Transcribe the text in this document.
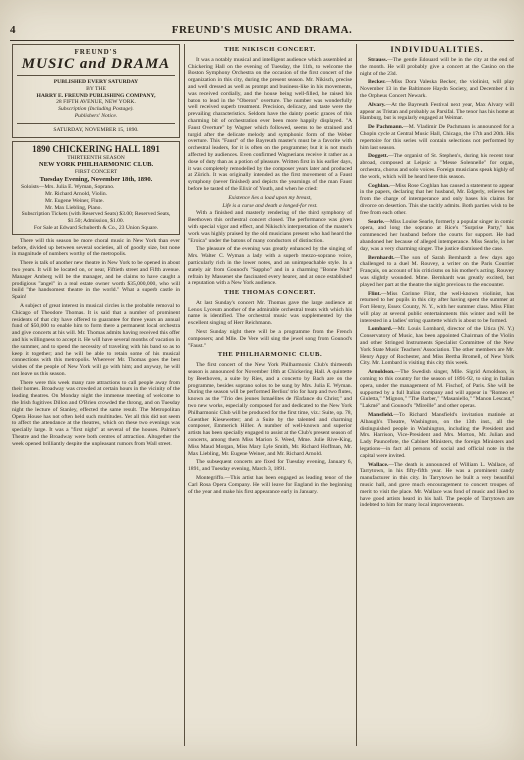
4	FREUND'S MUSIC AND DRAMA.
FREUND'S
MUSIC and DRAMA
PUBLISHED EVERY SATURDAY
BY THE
HARRY E. FREUND PUBLISHING COMPANY,
28 FIFTH AVENUE, NEW YORK.
Subscription (Including Postage).
Publishers' Notice.
SATURDAY, NOVEMBER 15, 1890.
1890 CHICKERING HALL 1891
THIRTEENTH SEASON
NEW YORK PHILHARMONIC CLUB.
FIRST CONCERT
Tuesday Evening, November 18th, 1890.
Soloists—Mrs. Julia E. Wyman, Soprano.
Mr. Richard Arnold, Violin.
Mr. Eugene Weiner, Flute.
Mr. Max Liebling, Piano.
Subscription Tickets (with Reserved Seats) $3.00; Reserved Seats, $1.50; Admission, $1.00.
For Sale at Edward Schuberth & Co., 23 Union Square.

There will this season be more choral music in New York than ever before, divided up between several societies, all of goodly size, but none in magnitude of numbers worthy of the metropolis.

There is talk of another new theatre in New York to be opened in about two years. It will be located on, or near, Fiftieth street and Fifth avenue. Manager Amberg will be the manager, and he claims to have caught a prodigious "angel" in a real estate owner worth $35,000,000, who will build "the handsomest theatre in the world." What a superb castle in Spain!

A subject of great interest in musical circles is the probable removal to Chicago of Theodore Thomas. It is said that a number of prominent residents of that city have offered to guarantee for three years an annual fund of $50,000 to enable him to form there a permanent local orchestra and give concerts at his will. Mr. Thomas admits having received this offer and his willingness to accept it. He will have several months of vacation in the summer, and to spend the necessity of traveling with his band so as to keep it together; and he will be able to retain some of his musical connections with this metropolis. Wherever Mr. Thomas goes the best wishes of the people of New York will go with him; and anyway, he will not leave us this season.

There were this week many rare attractions to call people away from their homes. Broadway was crowded at certain hours in the vicinity of the leading theatres. On Monday night the immense meeting of welcome to the Irish fugitives Dillon and O'Brien crowded the throng, and on Tuesday night the lecture of Stanley, effected the same result. The Metropolitan Opera House has not often held such multitudes. Yet all this did not seem to affect the attendance at the theatres, which on these two evenings was specially large. It was a "first night" at several of the houses. Palmer's Theatre and the Broadway were both centres of attraction. Altogether the week opened brilliantly despite the unpleasant rumors from Wall street.

THE NIKISCH CONCERT.

It was a notably musical and intelligent audience which assembled at Chickering Hall on the evening of Tuesday, the 11th, to welcome the Boston Symphony Orchestra on the occasion of the first concert of the organization in this city, during the present season. Mr. Nikisch, precise and well dressed as well as prompt and business-like in his movements, was received cordially, and the house being well-filled, he raised his baton to lead in the "Oberon" overture. The number was wonderfully well received superb treatment. Precision, delicacy, and taste were the prevailing characteristics. Seldom have the dainty poetic graces of this charming bit of orchestration ever been more happily displayed. "A Faust Overture" by Wagner which followed, seems to be strained and turgid after the delicate melody and symphonic form of the Weber overture. This "Faust" of the Bayreuth master's must be a favorite with orchestral leaders, for it is often on the programme; but it is not much affected by audiences. Even confirmed Wagnerians receive it rather as a dose of duty than as a potion of pleasure. Written first in his earlier days, it was completely remodelled by the composer years later and produced at Zürich. It was originally intended as the first movement of a Faust symphony (never finished) and depicts the yearnings of the man Faust before he tasted of the Elixir of Youth, and when he cried:

Existence lies a load upon my breast,
Life is a curse and death a longed-for rest.

With a finished and masterly rendering of the third symphony of Beethoven this orchestral concert closed. The performance was given with special vigor and effect, and Nikisch's interpretation of the master's work was highly praised by the old musicians present who had heard the "Eroica" under the batons of many conductors of distinction.

The pleasure of the evening was greatly enhanced by the singing of Mrs. Walter C. Wyman a lady with a superb mezzo-soprano voice, particularly rich in the lower notes, and an unimpeachable style. In a stately air from Gounod's "Sappho" and in a charming "Bonne Nuit" refrain by Massenet she fascinated every hearer, and at once established a reputation with a New York audience.

THE THOMAS CONCERT.

At last Sunday's concert Mr. Thomas gave the large audience at Lenox Lyceum another of the admirable orchestral treats with which his name is identified. The orchestral music was supplemented by the excellent singing of Herr Reichmann.

Next Sunday night there will be a programme from the French composers; and Mlle. De Vere will sing the jewel song from Gounod's "Faust."

THE PHILHARMONIC CLUB.

The first concert of the New York Philharmonic Club's thirteenth season is announced for November 18th at Chickering Hall. A quintette by Beethoven, a suite by Ries, and a concerto by Bach are on the programme, besides soprano solos to be sung by Mrs. Julia E. Wyman. During the season will be performed Berlioz' trio for harp and two flutes, known as the "Trio des jeunes Ismaélites de l'Enfance du Christ;" and two new works, especially composed for and dedicated to the New York Philharmonic Club will be produced for the first time, viz.: Suite, op. 78, Guenther Kiesewetter; and a Suite by the talented and charming composer, Emmerich Hiller. A number of well-known and superior artists has been specially engaged to assist at the Club's present season of concerts, among them Miss Marion S. Weed, Mme. Julie Rive-King, Miss Maud Morgan, Miss Mary Lyle Smith, Mr. Richard Hoffman, Mr. Max Liebling, Mr. Eugene Weiner, and Mr. Richard Arnold.

The subsequent concerts are fixed for Tuesday evening, January 6, 1891, and Tuesday evening, March 3, 1891.

Montegriffo.—This artist has been engaged as leading tenor of the Carl Rosa Opera Company. He will leave for England in the beginning of the year and make his first appearance early in January.

INDIVIDUALITIES.

Strauss.—The gentle Edouard will be in the city at the end of the month. He will probably give a concert at the Casino on the night of the 23d.

Becker.—Miss Dora Valeska Becker, the violinist, will play November 13 in the Baltimore Haydn Society, and December 4 in the Orpheus Concert Newark.

Alvary.—At the Bayreuth Festival next year, Max Alvary will appear as Tristan and probably as Parsifal. The tenor has his home at Hamburg, but is regularly engaged at Weimar.

De Pachmann.—M. Vladimir De Pachmann is announced for a Chopin cycle at Central Music Hall, Chicago, the 17th and 20th. His repertoire for this series will contain selections not performed by him last season.

Doggett.—The organist of St. Stephen's, during his recent tour abroad, composed at Leipsic a "Messe Solennelle" for organ, orchestra, chorus and solo voices. Foreign musicians speak highly of the work, which will be heard here this season.

Coghlan.—Miss Rose Coghlan has caused a statement to appear in the papers, declaring that her husband, Mr. Edgerly, relieves her from the charge of intemperance and only bases his claims for divorce on desertion. This she tacitly admits. Both parties wish to be free from each other.

Searle.—Miss Louise Searle, formerly a popular singer in comic opera, and long the soprano at Rice's "Surprise Party," has commenced her husband before the courts for support. He had abandoned her because of alleged intemperance. Miss Searle, in her day, was a very charming singer. The justice dismissed the case.

Bernhardt.—The son of Sarah Bernhardt a few days ago challenged to a duel M. Rouvey, a writer on the Paris Courrier Français, on account of his criticisms on his mother's acting. Rouvey was slightly wounded. Mme. Bernhardt was greatly excited, but played her part at the theatre the night previous to the encounter.

Flint.—Miss Corinne Flint, the well-known violinist, has returned to her pupils in this city after having spent the summer at Fort Henry, Essex County, N. Y., with her summer class. Miss Flint will play at several public entertainments this winter and will be interested in a ladies' string quartette which is about to be formed.

Lombard.—Mr. Louis Lombard, director of the Utica (N. Y.) Conservatory of Music, has been appointed Chairman of the Violin and other Stringed Instruments Specialist Committee of the New York State Music Teachers' Association. The other members are Mr. Henry Appy of Rochester, and Miss Bertha Bromell, of New York City. Mr. Lombard is visiting this city this week.

Arnoldson.—The Swedish singer, Mlle. Sigrid Arnoldson, is coming to this country for the season of 1891-92, to sing in Italian opera, under the management of M. Fischof, of Paris. She will be supported by a full Italian company and will appear in "Romeo et Giuletta," "Mignon," "The Barber," "Masaniello," "Manon Lescaut," "Lakmé" and Gounod's "Mireille" and other operas.

Mansfield.—To Richard Mansfield's invitation matinée at Albaugh's Theatre, Washington, on the 13th inst., all the distinguished people in Washington, including the President and Mrs. Harrison, Vice-President and Mrs. Morton, Mr. Julian and Lady Pauncefote, the Cabinet Ministers, the foreign Ministers and legations—in fact all persons of social and official note in the capital were invited.

Wallace.—The death is announced of William L. Wallace, of Tarrytown, in his fifty-fifth year. He was a prominent candy manufacturer in this city. In Tarrytown he built a very beautiful music hall, and gave much encouragement to concert troupes of merit to visit the place. Mr. Wallace was fond of music and liked to have good artists heard in his hall. The people of Tarrytown are indebted to him for many local improvements.
